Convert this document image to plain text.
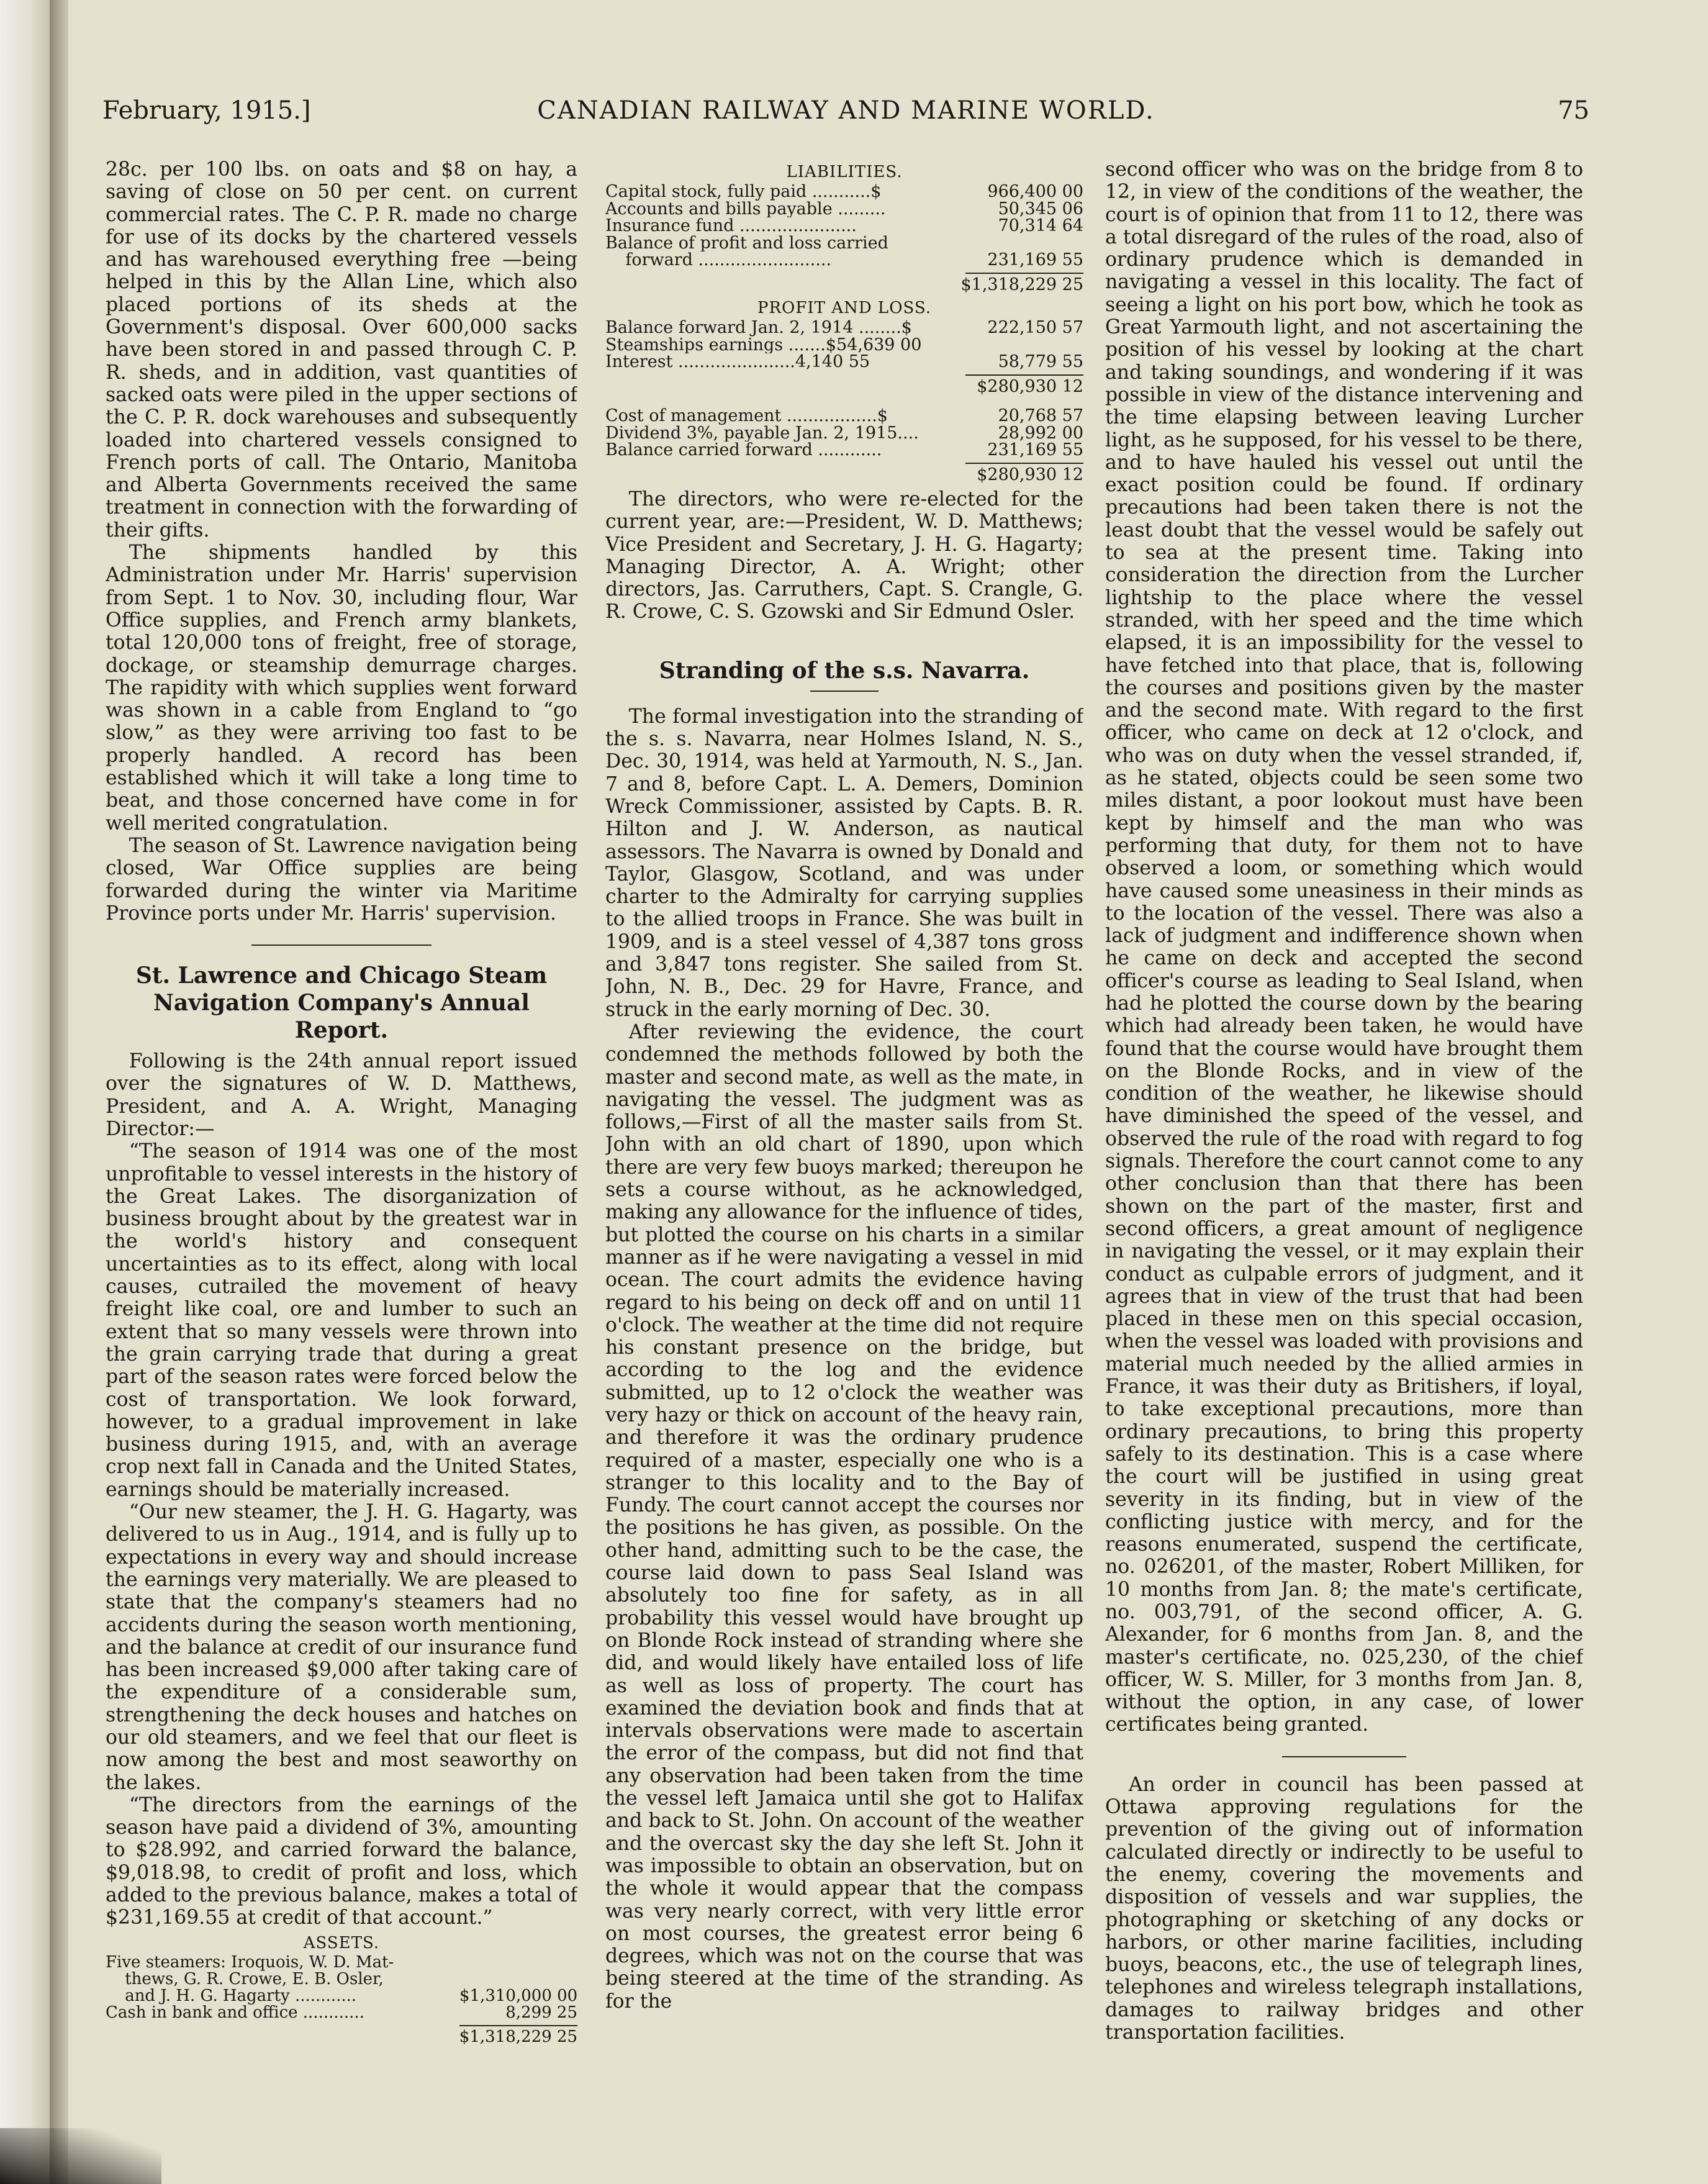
February, 1915.]	CANADIAN RAILWAY AND MARINE WORLD.	75

28c. per 100 lbs. on oats and $8 on hay, a saving of close on 50 per cent. on current commercial rates. The C. P. R. made no charge for use of its docks by the chartered vessels and has warehoused everything free —being helped in this by the Allan Line, which also placed portions of its sheds at the Government's disposal. Over 600,000 sacks have been stored in and passed through C. P. R. sheds, and in addition, vast quantities of sacked oats were piled in the upper sections of the C. P. R. dock warehouses and subsequently loaded into chartered vessels consigned to French ports of call. The Ontario, Manitoba and Alberta Governments received the same treatment in connection with the forwarding of their gifts.

The shipments handled by this Administration under Mr. Harris' supervision from Sept. 1 to Nov. 30, including flour, War Office supplies, and French army blankets, total 120,000 tons of freight, free of storage, dockage, or steamship demurrage charges. The rapidity with which supplies went forward was shown in a cable from England to “go slow,” as they were arriving too fast to be properly handled. A record has been established which it will take a long time to beat, and those concerned have come in for well merited congratulation.

The season of St. Lawrence navigation being closed, War Office supplies are being forwarded during the winter via Maritime Province ports under Mr. Harris' supervision.

St. Lawrence and Chicago Steam Navigation Company's Annual Report.

Following is the 24th annual report issued over the signatures of W. D. Matthews, President, and A. A. Wright, Managing Director:—

“The season of 1914 was one of the most unprofitable to vessel interests in the history of the Great Lakes. The disorganization of business brought about by the greatest war in the world's history and consequent uncertainties as to its effect, along with local causes, cutrailed the movement of heavy freight like coal, ore and lumber to such an extent that so many vessels were thrown into the grain carrying trade that during a great part of the season rates were forced below the cost of transportation. We look forward, however, to a gradual improvement in lake business during 1915, and, with an average crop next fall in Canada and the United States, earnings should be materially increased.

“Our new steamer, the J. H. G. Hagarty, was delivered to us in Aug., 1914, and is fully up to expectations in every way and should increase the earnings very materially. We are pleased to state that the company's steamers had no accidents during the season worth mentioning, and the balance at credit of our insurance fund has been increased $9,000 after taking care of the expenditure of a considerable sum, strengthening the deck houses and hatches on our old steamers, and we feel that our fleet is now among the best and most seaworthy on the lakes.

“The directors from the earnings of the season have paid a dividend of 3%, amounting to $28.992, and carried forward the balance, $9,018.98, to credit of profit and loss, which added to the previous balance, makes a total of $231,169.55 at credit of that account.”

ASSETS.
Five steamers: Iroquois, W. D. Mat-
thews, G. R. Crowe, E. B. Osler,
and J. H. G. Hagarty ............	$1,310,000 00
Cash in bank and office ............	8,299 25
$1,318,229 25
LIABILITIES.
Capital stock, fully paid ...........$	966,400 00
Accounts and bills payable .........	50,345 06
Insurance fund ......................	70,314 64
Balance of profit and loss carried
forward .........................	231,169 55
$1,318,229 25
PROFIT AND LOSS.
Balance forward Jan. 2, 1914 ........$	222,150 57
Steamships earnings .......$54,639 00
Interest ......................4,140 55	58,779 55
$280,930 12
Cost of management .................$	20,768 57
Dividend 3%, payable Jan. 2, 1915....	28,992 00
Balance carried forward ............	231,169 55
$280,930 12

The directors, who were re-elected for the current year, are:—President, W. D. Matthews; Vice President and Secretary, J. H. G. Hagarty; Managing Director, A. A. Wright; other directors, Jas. Carruthers, Capt. S. Crangle, G. R. Crowe, C. S. Gzowski and Sir Edmund Osler.

Stranding of the s.s. Navarra.

The formal investigation into the stranding of the s. s. Navarra, near Holmes Island, N. S., Dec. 30, 1914, was held at Yarmouth, N. S., Jan. 7 and 8, before Capt. L. A. Demers, Dominion Wreck Commissioner, assisted by Capts. B. R. Hilton and J. W. Anderson, as nautical assessors. The Navarra is owned by Donald and Taylor, Glasgow, Scotland, and was under charter to the Admiralty for carrying supplies to the allied troops in France. She was built in 1909, and is a steel vessel of 4,387 tons gross and 3,847 tons register. She sailed from St. John, N. B., Dec. 29 for Havre, France, and struck in the early morning of Dec. 30.

After reviewing the evidence, the court condemned the methods followed by both the master and second mate, as well as the mate, in navigating the vessel. The judgment was as follows,—First of all the master sails from St. John with an old chart of 1890, upon which there are very few buoys marked; thereupon he sets a course without, as he acknowledged, making any allowance for the influence of tides, but plotted the course on his charts in a similar manner as if he were navigating a vessel in mid ocean. The court admits the evidence having regard to his being on deck off and on until 11 o'clock. The weather at the time did not require his constant presence on the bridge, but according to the log and the evidence submitted, up to 12 o'clock the weather was very hazy or thick on account of the heavy rain, and therefore it was the ordinary prudence required of a master, especially one who is a stranger to this locality and to the Bay of Fundy. The court cannot accept the courses nor the positions he has given, as possible. On the other hand, admitting such to be the case, the course laid down to pass Seal Island was absolutely too fine for safety, as in all probability this vessel would have brought up on Blonde Rock instead of stranding where she did, and would likely have entailed loss of life as well as loss of property. The court has examined the deviation book and finds that at intervals observations were made to ascertain the error of the compass, but did not find that any observation had been taken from the time the vessel left Jamaica until she got to Halifax and back to St. John. On account of the weather and the overcast sky the day she left St. John it was impossible to obtain an observation, but on the whole it would appear that the compass was very nearly correct, with very little error on most courses, the greatest error being 6 degrees, which was not on the course that was being steered at the time of the stranding. As for the

second officer who was on the bridge from 8 to 12, in view of the conditions of the weather, the court is of opinion that from 11 to 12, there was a total disregard of the rules of the road, also of ordinary prudence which is demanded in navigating a vessel in this locality. The fact of seeing a light on his port bow, which he took as Great Yarmouth light, and not ascertaining the position of his vessel by looking at the chart and taking soundings, and wondering if it was possible in view of the distance intervening and the time elapsing between leaving Lurcher light, as he supposed, for his vessel to be there, and to have hauled his vessel out until the exact position could be found. If ordinary precautions had been taken there is not the least doubt that the vessel would be safely out to sea at the present time. Taking into consideration the direction from the Lurcher lightship to the place where the vessel stranded, with her speed and the time which elapsed, it is an impossibility for the vessel to have fetched into that place, that is, following the courses and positions given by the master and the second mate. With regard to the first officer, who came on deck at 12 o'clock, and who was on duty when the vessel stranded, if, as he stated, objects could be seen some two miles distant, a poor lookout must have been kept by himself and the man who was performing that duty, for them not to have observed a loom, or something which would have caused some uneasiness in their minds as to the location of the vessel. There was also a lack of judgment and indifference shown when he came on deck and accepted the second officer's course as leading to Seal Island, when had he plotted the course down by the bearing which had already been taken, he would have found that the course would have brought them on the Blonde Rocks, and in view of the condition of the weather, he likewise should have diminished the speed of the vessel, and observed the rule of the road with regard to fog signals. Therefore the court cannot come to any other conclusion than that there has been shown on the part of the master, first and second officers, a great amount of negligence in navigating the vessel, or it may explain their conduct as culpable errors of judgment, and it agrees that in view of the trust that had been placed in these men on this special occasion, when the vessel was loaded with provisions and material much needed by the allied armies in France, it was their duty as Britishers, if loyal, to take exceptional precautions, more than ordinary precautions, to bring this property safely to its destination. This is a case where the court will be justified in using great severity in its finding, but in view of the conflicting justice with mercy, and for the reasons enumerated, suspend the certificate, no. 026201, of the master, Robert Milliken, for 10 months from Jan. 8; the mate's certificate, no. 003,791, of the second officer, A. G. Alexander, for 6 months from Jan. 8, and the master's certificate, no. 025,230, of the chief officer, W. S. Miller, for 3 months from Jan. 8, without the option, in any case, of lower certificates being granted.

An order in council has been passed at Ottawa approving regulations for the prevention of the giving out of information calculated directly or indirectly to be useful to the enemy, covering the movements and disposition of vessels and war supplies, the photographing or sketching of any docks or harbors, or other marine facilities, including buoys, beacons, etc., the use of telegraph lines, telephones and wireless telegraph installations, damages to railway bridges and other transportation facilities.
